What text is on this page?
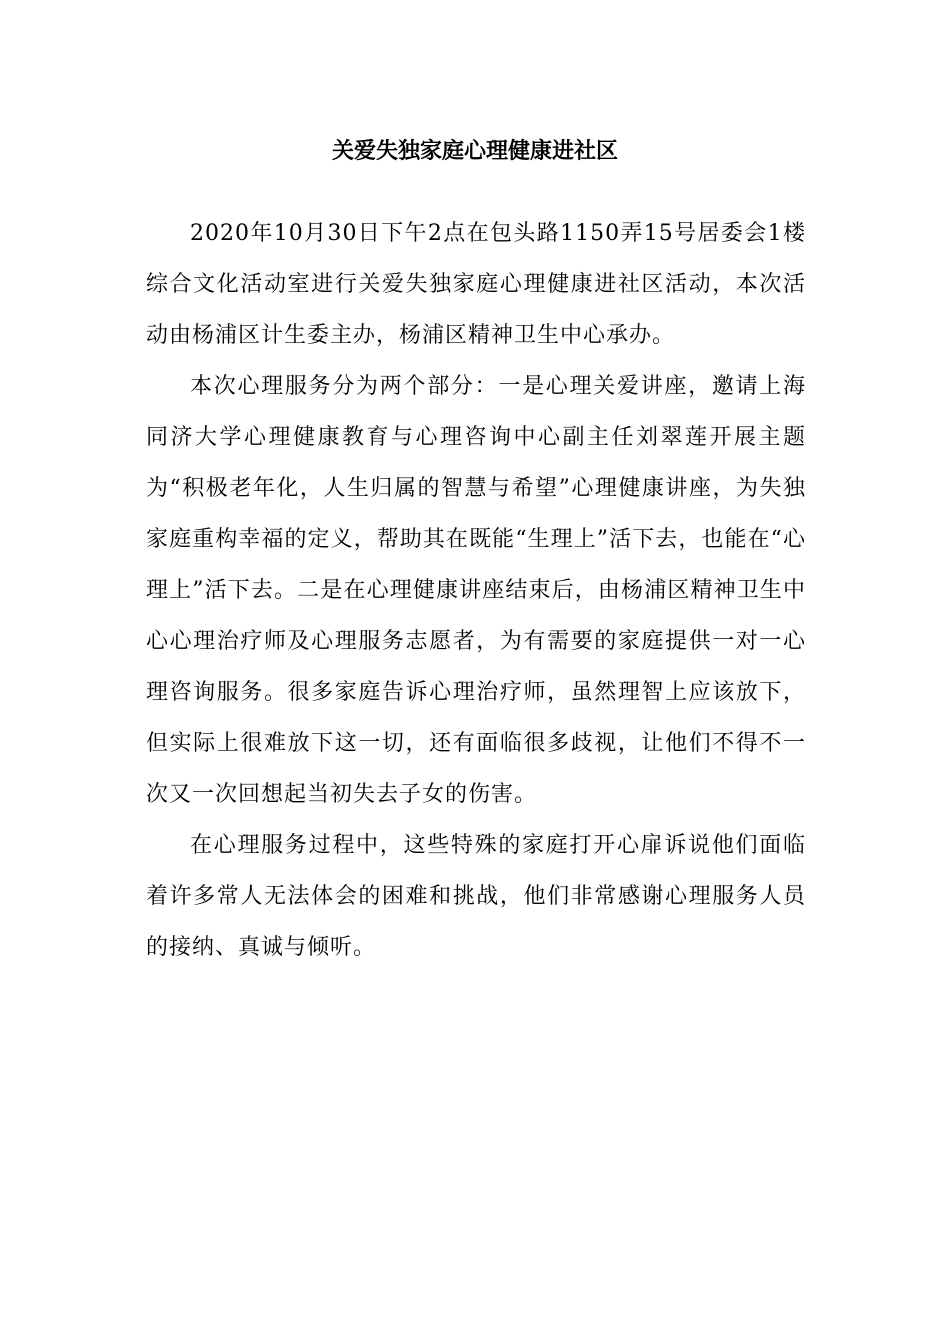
关爱失独家庭心理健康进社区

2020年10月30日下午2点在包头路1150弄15号居委会1楼综合文化活动室进行关爱失独家庭心理健康进社区活动，本次活动由杨浦区计生委主办，杨浦区精神卫生中心承办。

本次心理服务分为两个部分：一是心理关爱讲座，邀请上海同济大学心理健康教育与心理咨询中心副主任刘翠莲开展主题为“积极老年化，人生归属的智慧与希望”心理健康讲座，为失独家庭重构幸福的定义，帮助其在既能“生理上”活下去，也能在“心理上”活下去。二是在心理健康讲座结束后，由杨浦区精神卫生中心心理治疗师及心理服务志愿者，为有需要的家庭提供一对一心理咨询服务。很多家庭告诉心理治疗师，虽然理智上应该放下，但实际上很难放下这一切，还有面临很多歧视，让他们不得不一次又一次回想起当初失去子女的伤害。

在心理服务过程中，这些特殊的家庭打开心扉诉说他们面临着许多常人无法体会的困难和挑战，他们非常感谢心理服务人员的接纳、真诚与倾听。
